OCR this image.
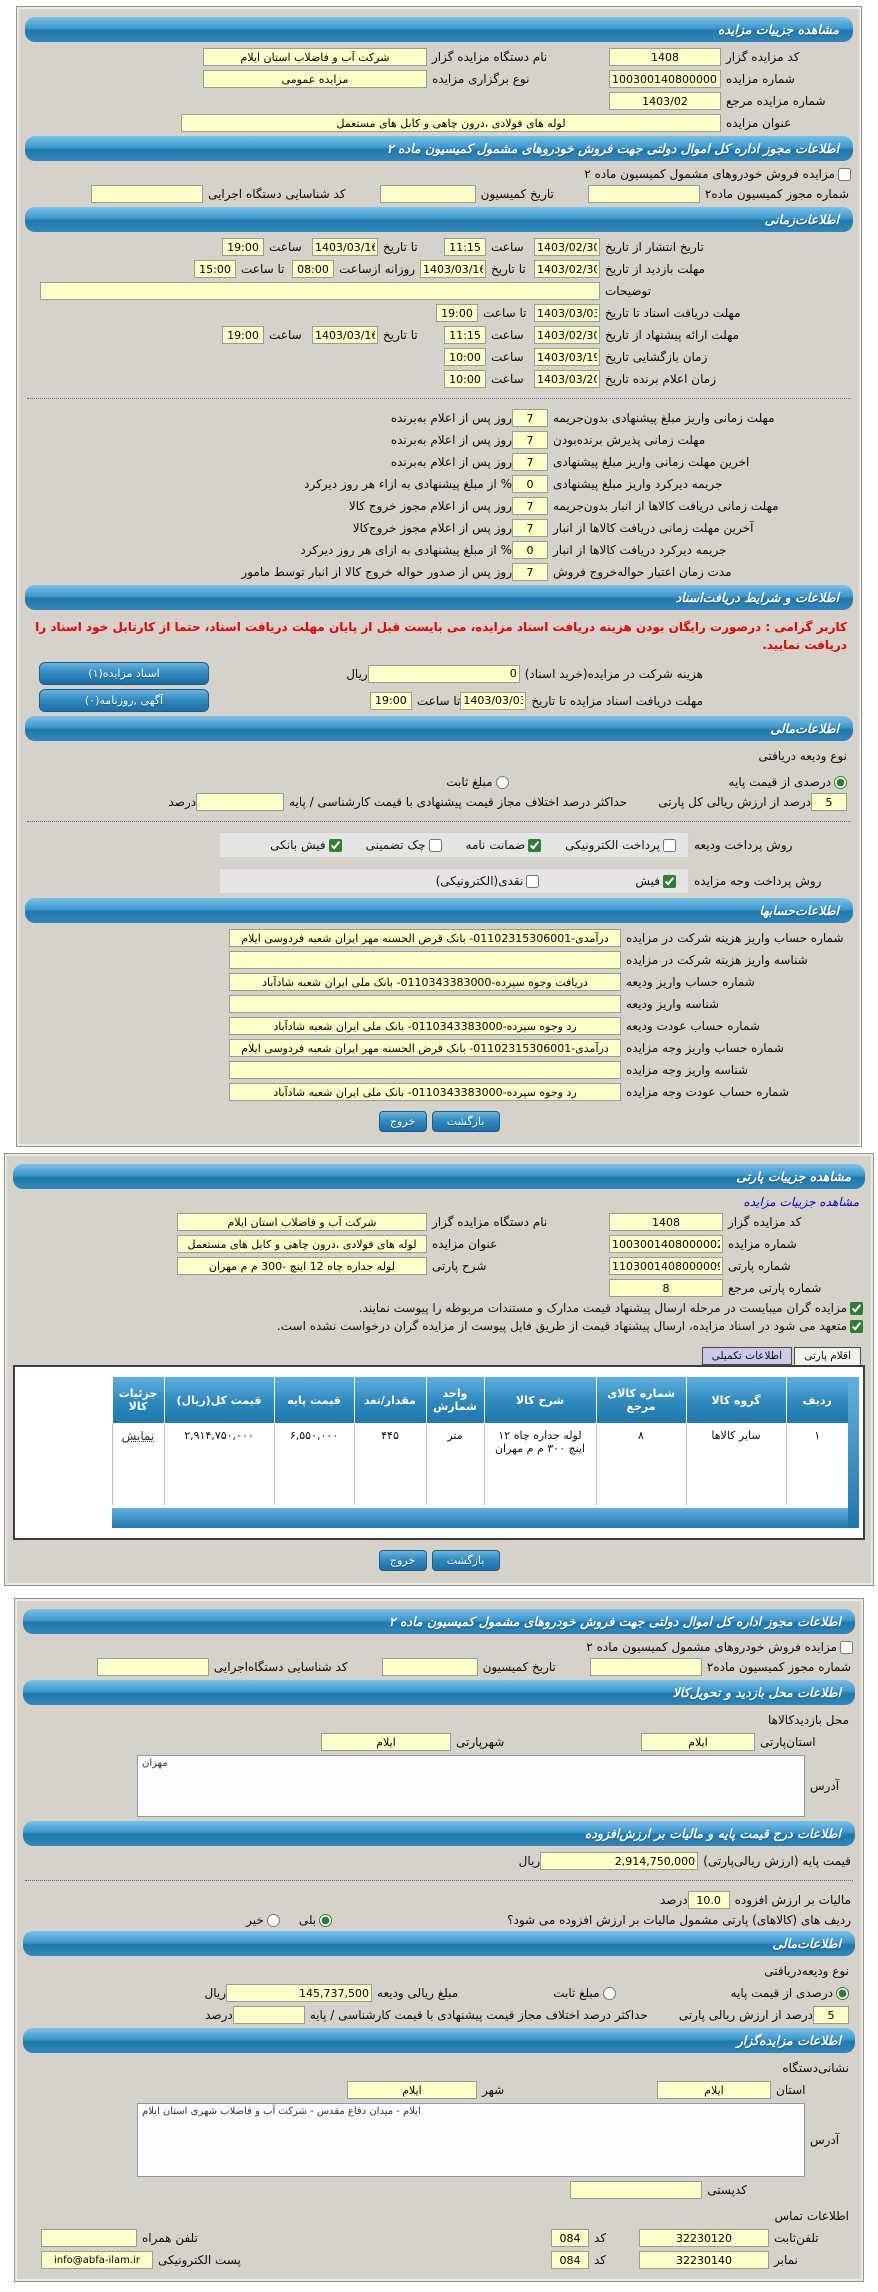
مشاهده جزییات مزایده
کد مزایده گزار
1408
نام دستگاه مزایده گزار
شرکت آب و فاضلاب استان ایلام
شماره مزایده
1003001408000002
نوع برگزاری مزایده
مزایده عمومی
شماره مزایده مرجع
1403/02
عنوان مزایده
لوله های فولادی ،درون چاهی و کابل های مستعمل
اطلاعات مجوز اداره کل اموال دولتی جهت فروش خودروهای مشمول کمیسیون ماده ۲
مزایده فروش خودروهای مشمول کمیسیون ماده ۲
شماره مجوز کمیسیون ماده۲
تاریخ کمیسیون
کد شناسایی دستگاه اجرایی
اطلاعات‌زمانی
تاریخ انتشار از تاریخ
1403/02/30
ساعت
11:15
تا تاریخ
1403/03/16
ساعت
19:00
مهلت بازدید از تاریخ
1403/02/30
تا تاریخ
1403/03/16
روزانه ازساعت
08:00
تا ساعت
15:00
توضیحات
مهلت دریافت اسناد تا تاریخ
1403/03/03
تا ساعت
19:00
مهلت ارائه پیشنهاد از تاریخ
1403/02/30
ساعت
11:15
تا تاریخ
1403/03/16
ساعت
19:00
زمان بازگشایی تاریخ
1403/03/19
ساعت
10:00
زمان اعلام برنده تاریخ
1403/03/20
ساعت
10:00
مهلت زمانی واریز مبلغ پیشنهادی بدون‌جریمه
7
روز پس از اعلام به‌برنده
مهلت زمانی پذیرش برنده‌بودن
7
روز پس از اعلام به‌برنده
اخرین مهلت زمانی واریز مبلغ پیشنهادی
7
روز پس از اعلام به‌برنده
جریمه دیرکرد واریز مبلغ پیشنهادی
0
% از مبلغ پیشنهادی به ازاء هر روز دیرکرد
مهلت زمانی دریافت کالاها از انبار بدون‌جریمه
7
روز پس از اعلام مجوز خروج کالا
آخرین مهلت زمانی دریافت کالاها از انبار
7
روز پس از اعلام مجوز خروج‌کالا
جریمه دیرکرد دریافت کالاها از انبار
0
% از مبلغ پیشنهادی به ازای هر روز دیرکرد
مدت زمان اعتبار حواله‌خروج فروش
7
روز پس از صدور حواله خروج کالا از انبار توسط مامور
اطلاعات و شرایط دریافت‌اسناد
کاربر گرامی : درصورت رایگان بودن هزینه دریافت اسناد مزایده، می بایست قبل از پایان مهلت دریافت اسناد، حتما از کارتابل خود اسناد را دریافت نمایید.
هزینه شرکت در مزایده(خرید اسناد)
0
ریال
اسناد مزایده(۱)
مهلت دریافت اسناد مزایده تا تاریخ
1403/03/03
تا ساعت
19:00
آگهی ,روزنامه(۰)
اطلاعات‌مالی
نوع ودیعه دریافتی
درصدی از قیمت پایه
مبلغ ثابت
5
درصد از ارزش ریالی کل پارتی
حداکثر درصد اختلاف مجاز قیمت پیشنهادی با قیمت کارشناسی / پایه
درصد
روش پرداخت ودیعه
پرداخت الکترونیکی
ضمانت نامه
چک تضمینی
فیش بانکی
روش پرداخت وجه مزایده
فیش
نقدی(الکترونیکی)
اطلاعات‌حسابها
شماره حساب واریز هزینه شرکت در مزایده
درآمدی-01102315306001- بانک قرض الحسنه مهر ایران شعبه فردوسی ایلام
شناسه واریز هزینه شرکت در مزایده
شماره حساب واریز ودیعه
دریافت وجوه سپرده-0110343383000- بانک ملی ایران شعبه شادآباد
شناسه واریز ودیعه
شماره حساب عودت ودیعه
رد وجوه سپرده-0110343383000- بانک ملی ایران شعبه شادآباد
شماره حساب واریز وجه مزایده
درآمدی-01102315306001- بانک قرض الحسنه مهر ایران شعبه فردوسی ایلام
شناسه واریز وجه مزایده
شماره حساب عودت وجه مزایده
رد وجوه سپرده-0110343383000- بانک ملی ایران شعبه شادآباد
بازگشت
خروج
مشاهده جزییات پارتی
مشاهده جزییات مزایده
کد مزایده گزار
1408
نام دستگاه مزایده گزار
شرکت آب و فاضلاب استان ایلام
شماره مزایده
1003001408000002
عنوان مزایده
لوله های فولادی ،درون چاهی و کابل های مستعمل
شماره پارتی
1103001408000009
شرح پارتی
لوله جداره چاه 12 اینچ -300 م م مهران
شماره پارتی مرجع
8
مزایده گران میبایست در مرحله ارسال پیشنهاد قیمت مدارک و مستندات مربوطه را پیوست نمایند.
متعهد می شود در اسناد مزایده، ارسال پیشنهاد قیمت از طریق فایل پیوست از مزایده گران درخواست نشده است.
اقلام پارتی
اطلاعات تکمیلی
ردیف	گروه کالا	شماره کالای مرجع	شرح کالا	واحد شمارش	مقدار/تعد	قیمت پایه	قیمت کل(ریال)	جزئیات کالا
۱	سایر کالاها	۸	لوله جداره چاه ۱۲ اینچ ۳۰۰ م م مهران	متر	۴۴۵	۶,۵۵۰,۰۰۰	۲,۹۱۴,۷۵۰,۰۰۰	نمایش
بازگشت
خروج
اطلاعات مجوز اداره کل اموال دولتی جهت فروش خودروهای مشمول کمیسیون ماده ۲
مزایده فروش خودروهای مشمول کمیسیون ماده ۲
شماره مجوز کمیسیون ماده۲
تاریخ کمیسیون
کد شناسایی دستگاه‌اجرایی
اطلاعات محل بازدید و تحویل‌کالا
محل بازدیدکالاها
استان‌پارتی
ایلام
شهرپارتی
ایلام
آدرس
مهران
اطلاعات درج قیمت پایه و مالیات بر ارزش‌افزوده
قیمت پایه (ارزش ریالی‌پارتی)
2,914,750,000
ریال
مالیات بر ارزش افزوده
10.0
درصد
ردیف های (کالاهای) پارتی مشمول مالیات بر ارزش افزوده می شود؟
بلی
خیر
اطلاعات‌مالی
نوع ودیعه‌دریافتی
درصدی از قیمت پایه
مبلغ ثابت
مبلغ ریالی ودیعه
145,737,500
ریال
5
درصد از ارزش ریالی پارتی
حداکثر درصد اختلاف مجاز قیمت پیشنهادی با قیمت کارشناسی / پایه
درصد
اطلاعات مزایده‌گزار
نشانی‌دستگاه
استان
ایلام
شهر
ایلام
آدرس
ایلام - میدان دفاع مقدس - شرکت آب و فاضلاب شهری استان ایلام
کدپستی
اطلاعات تماس
تلفن‌ثابت
32230120
کد
084
تلفن همراه
نمابر
32230140
کد
084
پست الکترونیکی
info@abfa-ilam.ir
